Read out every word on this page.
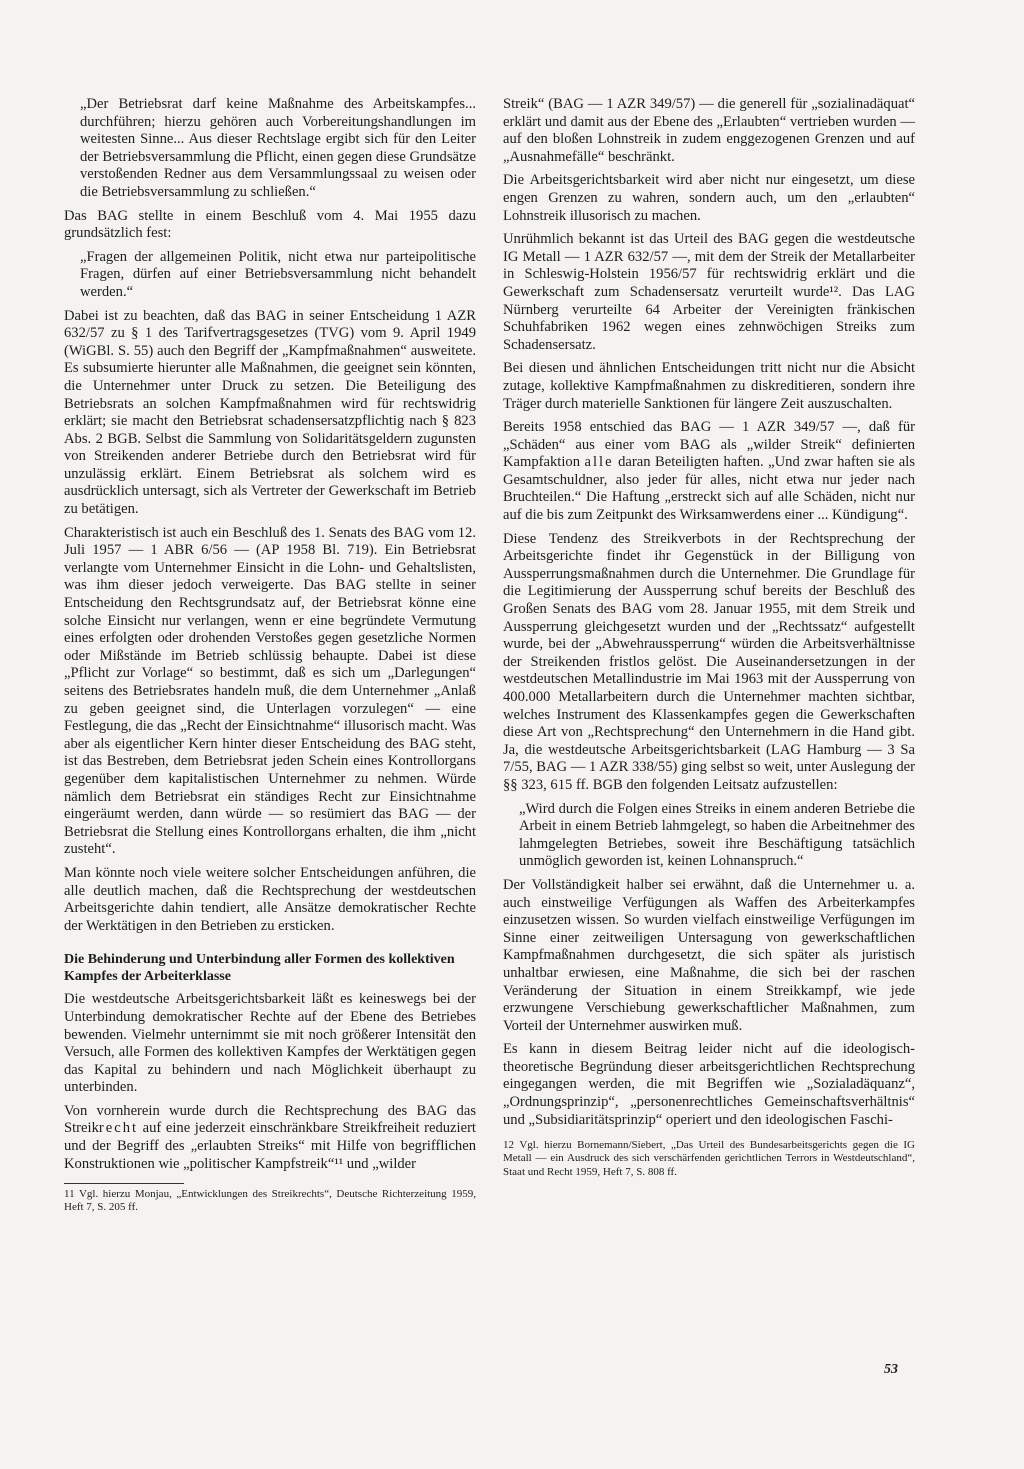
„Der Betriebsrat darf keine Maßnahme des Arbeitskampfes... durchführen; hierzu gehören auch Vorbereitungshandlungen im weitesten Sinne... Aus dieser Rechtslage ergibt sich für den Leiter der Betriebsversammlung die Pflicht, einen gegen diese Grundsätze verstoßenden Redner aus dem Versammlungssaal zu weisen oder die Betriebsversammlung zu schließen.“

Das BAG stellte in einem Beschluß vom 4. Mai 1955 dazu grundsätzlich fest:

„Fragen der allgemeinen Politik, nicht etwa nur parteipolitische Fragen, dürfen auf einer Betriebsversammlung nicht behandelt werden.“

Dabei ist zu beachten, daß das BAG in seiner Entscheidung 1 AZR 632/57 zu § 1 des Tarifvertragsgesetzes (TVG) vom 9. April 1949 (WiGBl. S. 55) auch den Begriff der „Kampfmaßnahmen“ ausweitete. Es subsumierte hierunter alle Maßnahmen, die geeignet sein könnten, die Unternehmer unter Druck zu setzen. Die Beteiligung des Betriebsrats an solchen Kampfmaßnahmen wird für rechtswidrig erklärt; sie macht den Betriebsrat schadensersatzpflichtig nach § 823 Abs. 2 BGB. Selbst die Sammlung von Solidaritätsgeldern zugunsten von Streikenden anderer Betriebe durch den Betriebsrat wird für unzulässig erklärt. Einem Betriebsrat als solchem wird es ausdrücklich untersagt, sich als Vertreter der Gewerkschaft im Betrieb zu betätigen.

Charakteristisch ist auch ein Beschluß des 1. Senats des BAG vom 12. Juli 1957 — 1 ABR 6/56 — (AP 1958 Bl. 719). Ein Betriebsrat verlangte vom Unternehmer Einsicht in die Lohn- und Gehaltslisten, was ihm dieser jedoch verweigerte. Das BAG stellte in seiner Entscheidung den Rechtsgrundsatz auf, der Betriebsrat könne eine solche Einsicht nur verlangen, wenn er eine begründete Vermutung eines erfolgten oder drohenden Verstoßes gegen gesetzliche Normen oder Mißstände im Betrieb schlüssig behaupte. Dabei ist diese „Pflicht zur Vorlage“ so bestimmt, daß es sich um „Darlegungen“ seitens des Betriebsrates handeln muß, die dem Unternehmer „Anlaß zu geben geeignet sind, die Unterlagen vorzulegen“ — eine Festlegung, die das „Recht der Einsichtnahme“ illusorisch macht. Was aber als eigentlicher Kern hinter dieser Entscheidung des BAG steht, ist das Bestreben, dem Betriebsrat jeden Schein eines Kontrollorgans gegenüber dem kapitalistischen Unternehmer zu nehmen. Würde nämlich dem Betriebsrat ein ständiges Recht zur Einsichtnahme eingeräumt werden, dann würde — so resümiert das BAG — der Betriebsrat die Stellung eines Kontrollorgans erhalten, die ihm „nicht zusteht“.

Man könnte noch viele weitere solcher Entscheidungen anführen, die alle deutlich machen, daß die Rechtsprechung der westdeutschen Arbeitsgerichte dahin tendiert, alle Ansätze demokratischer Rechte der Werktätigen in den Betrieben zu ersticken.

Die Behinderung und Unterbindung aller Formen des kollektiven Kampfes der Arbeiterklasse

Die westdeutsche Arbeitsgerichtsbarkeit läßt es keineswegs bei der Unterbindung demokratischer Rechte auf der Ebene des Betriebes bewenden. Vielmehr unternimmt sie mit noch größerer Intensität den Versuch, alle Formen des kollektiven Kampfes der Werktätigen gegen das Kapital zu behindern und nach Möglichkeit überhaupt zu unterbinden.

Von vornherein wurde durch die Rechtsprechung des BAG das Streikrecht auf eine jederzeit einschränkbare Streikfreiheit reduziert und der Begriff des „erlaubten Streiks“ mit Hilfe von begrifflichen Konstruktionen wie „politischer Kampfstreik“¹¹ und „wilder

Streik“ (BAG — 1 AZR 349/57) — die generell für „sozialinadäquat“ erklärt und damit aus der Ebene des „Erlaubten“ vertrieben wurden — auf den bloßen Lohnstreik in zudem enggezogenen Grenzen und auf „Ausnahmefälle“ beschränkt.

Die Arbeitsgerichtsbarkeit wird aber nicht nur eingesetzt, um diese engen Grenzen zu wahren, sondern auch, um den „erlaubten“ Lohnstreik illusorisch zu machen.

Unrühmlich bekannt ist das Urteil des BAG gegen die westdeutsche IG Metall — 1 AZR 632/57 —, mit dem der Streik der Metallarbeiter in Schleswig-Holstein 1956/57 für rechtswidrig erklärt und die Gewerkschaft zum Schadensersatz verurteilt wurde¹². Das LAG Nürnberg verurteilte 64 Arbeiter der Vereinigten fränkischen Schuhfabriken 1962 wegen eines zehnwöchigen Streiks zum Schadensersatz.

Bei diesen und ähnlichen Entscheidungen tritt nicht nur die Absicht zutage, kollektive Kampfmaßnahmen zu diskreditieren, sondern ihre Träger durch materielle Sanktionen für längere Zeit auszuschalten.

Bereits 1958 entschied das BAG — 1 AZR 349/57 —, daß für „Schäden“ aus einer vom BAG als „wilder Streik“ definierten Kampfaktion alle daran Beteiligten haften. „Und zwar haften sie als Gesamtschuldner, also jeder für alles, nicht etwa nur jeder nach Bruchteilen.“ Die Haftung „erstreckt sich auf alle Schäden, nicht nur auf die bis zum Zeitpunkt des Wirksamwerdens einer ... Kündigung“.

Diese Tendenz des Streikverbots in der Rechtsprechung der Arbeitsgerichte findet ihr Gegenstück in der Billigung von Aussperrungsmaßnahmen durch die Unternehmer. Die Grundlage für die Legitimierung der Aussperrung schuf bereits der Beschluß des Großen Senats des BAG vom 28. Januar 1955, mit dem Streik und Aussperrung gleichgesetzt wurden und der „Rechtssatz“ aufgestellt wurde, bei der „Abwehraussperrung“ würden die Arbeitsverhältnisse der Streikenden fristlos gelöst. Die Auseinandersetzungen in der westdeutschen Metallindustrie im Mai 1963 mit der Aussperrung von 400.000 Metallarbeitern durch die Unternehmer machten sichtbar, welches Instrument des Klassenkampfes gegen die Gewerkschaften diese Art von „Rechtsprechung“ den Unternehmern in die Hand gibt. Ja, die westdeutsche Arbeitsgerichtsbarkeit (LAG Hamburg — 3 Sa 7/55, BAG — 1 AZR 338/55) ging selbst so weit, unter Auslegung der §§ 323, 615 ff. BGB den folgenden Leitsatz aufzustellen:

„Wird durch die Folgen eines Streiks in einem anderen Betriebe die Arbeit in einem Betrieb lahmgelegt, so haben die Arbeitnehmer des lahmgelegten Betriebes, soweit ihre Beschäftigung tatsächlich unmöglich geworden ist, keinen Lohnanspruch.“

Der Vollständigkeit halber sei erwähnt, daß die Unternehmer u. a. auch einstweilige Verfügungen als Waffen des Arbeiterkampfes einzusetzen wissen. So wurden vielfach einstweilige Verfügungen im Sinne einer zeitweiligen Untersagung von gewerkschaftlichen Kampfmaßnahmen durchgesetzt, die sich später als juristisch unhaltbar erwiesen, eine Maßnahme, die sich bei der raschen Veränderung der Situation in einem Streikkampf, wie jede erzwungene Verschiebung gewerkschaftlicher Maßnahmen, zum Vorteil der Unternehmer auswirken muß.

Es kann in diesem Beitrag leider nicht auf die ideologisch-theoretische Begründung dieser arbeitsgerichtlichen Rechtsprechung eingegangen werden, die mit Begriffen wie „Sozialadäquanz“, „Ordnungsprinzip“, „personenrechtliches Gemeinschaftsverhältnis“ und „Subsidiaritätsprinzip“ operiert und den ideologischen Faschi-

11 Vgl. hierzu Monjau, „Entwicklungen des Streikrechts“, Deutsche Richterzeitung 1959, Heft 7, S. 205 ff.
12 Vgl. hierzu Bornemann/Siebert, „Das Urteil des Bundesarbeitsgerichts gegen die IG Metall — ein Ausdruck des sich verschärfenden gerichtlichen Terrors in Westdeutschland“, Staat und Recht 1959, Heft 7, S. 808 ff.
53
